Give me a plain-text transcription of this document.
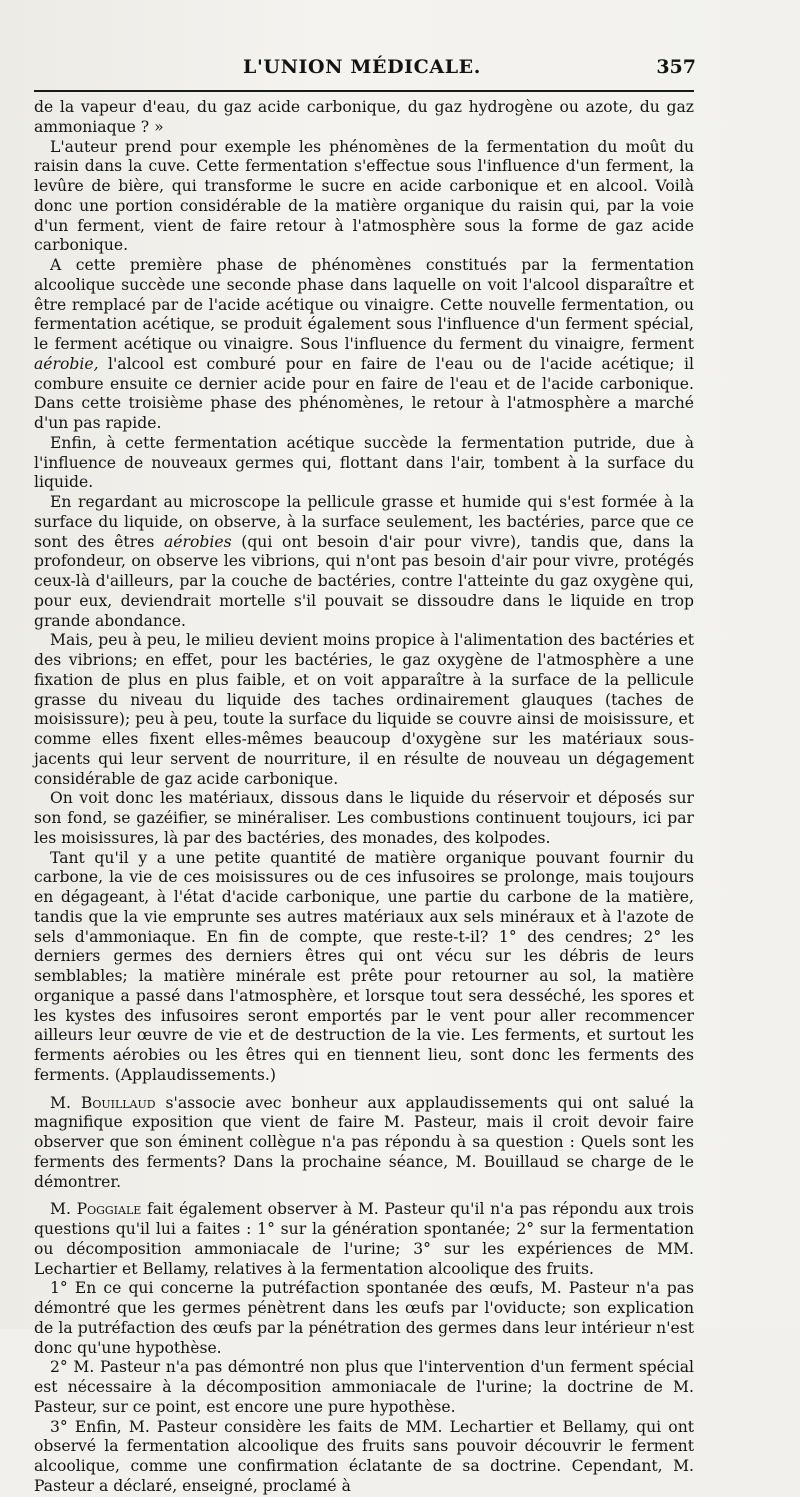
L'UNION MÉDICALE.	357

de la vapeur d'eau, du gaz acide carbonique, du gaz hydrogène ou azote, du gaz ammoniaque ? »

L'auteur prend pour exemple les phénomènes de la fermentation du moût du raisin dans la cuve. Cette fermentation s'effectue sous l'influence d'un ferment, la levûre de bière, qui transforme le sucre en acide carbonique et en alcool. Voilà donc une portion considérable de la matière organique du raisin qui, par la voie d'un ferment, vient de faire retour à l'atmosphère sous la forme de gaz acide carbonique.

A cette première phase de phénomènes constitués par la fermentation alcoolique succède une seconde phase dans laquelle on voit l'alcool disparaître et être remplacé par de l'acide acétique ou vinaigre. Cette nouvelle fermentation, ou fermentation acétique, se produit également sous l'influence d'un ferment spécial, le ferment acétique ou vinaigre. Sous l'influence du ferment du vinaigre, ferment aérobie, l'alcool est comburé pour en faire de l'eau ou de l'acide acétique; il combure ensuite ce dernier acide pour en faire de l'eau et de l'acide carbonique. Dans cette troisième phase des phénomènes, le retour à l'atmosphère a marché d'un pas rapide.

Enfin, à cette fermentation acétique succède la fermentation putride, due à l'influence de nouveaux germes qui, flottant dans l'air, tombent à la surface du liquide.

En regardant au microscope la pellicule grasse et humide qui s'est formée à la surface du liquide, on observe, à la surface seulement, les bactéries, parce que ce sont des êtres aérobies (qui ont besoin d'air pour vivre), tandis que, dans la profondeur, on observe les vibrions, qui n'ont pas besoin d'air pour vivre, protégés ceux-là d'ailleurs, par la couche de bactéries, contre l'atteinte du gaz oxygène qui, pour eux, deviendrait mortelle s'il pouvait se dissoudre dans le liquide en trop grande abondance.

Mais, peu à peu, le milieu devient moins propice à l'alimentation des bactéries et des vibrions; en effet, pour les bactéries, le gaz oxygène de l'atmosphère a une fixation de plus en plus faible, et on voit apparaître à la surface de la pellicule grasse du niveau du liquide des taches ordinairement glauques (taches de moisissure); peu à peu, toute la surface du liquide se couvre ainsi de moisissure, et comme elles fixent elles-mêmes beaucoup d'oxygène sur les matériaux sous-jacents qui leur servent de nourriture, il en résulte de nouveau un dégagement considérable de gaz acide carbonique.

On voit donc les matériaux, dissous dans le liquide du réservoir et déposés sur son fond, se gazéifier, se minéraliser. Les combustions continuent toujours, ici par les moisissures, là par des bactéries, des monades, des kolpodes.

Tant qu'il y a une petite quantité de matière organique pouvant fournir du carbone, la vie de ces moisissures ou de ces infusoires se prolonge, mais toujours en dégageant, à l'état d'acide carbonique, une partie du carbone de la matière, tandis que la vie emprunte ses autres matériaux aux sels minéraux et à l'azote de sels d'ammoniaque. En fin de compte, que reste-t-il? 1° des cendres; 2° les derniers germes des derniers êtres qui ont vécu sur les débris de leurs semblables; la matière minérale est prête pour retourner au sol, la matière organique a passé dans l'atmosphère, et lorsque tout sera desséché, les spores et les kystes des infusoires seront emportés par le vent pour aller recommencer ailleurs leur œuvre de vie et de destruction de la vie. Les ferments, et surtout les ferments aérobies ou les êtres qui en tiennent lieu, sont donc les ferments des ferments. (Applaudissements.)

M. Bouillaud s'associe avec bonheur aux applaudissements qui ont salué la magnifique exposition que vient de faire M. Pasteur, mais il croit devoir faire observer que son éminent collègue n'a pas répondu à sa question : Quels sont les ferments des ferments? Dans la prochaine séance, M. Bouillaud se charge de le démontrer.

M. Poggiale fait également observer à M. Pasteur qu'il n'a pas répondu aux trois questions qu'il lui a faites : 1° sur la génération spontanée; 2° sur la fermentation ou décomposition ammoniacale de l'urine; 3° sur les expériences de MM. Lechartier et Bellamy, relatives à la fermentation alcoolique des fruits.

1° En ce qui concerne la putréfaction spontanée des œufs, M. Pasteur n'a pas démontré que les germes pénètrent dans les œufs par l'oviducte; son explication de la putréfaction des œufs par la pénétration des germes dans leur intérieur n'est donc qu'une hypothèse.

2° M. Pasteur n'a pas démontré non plus que l'intervention d'un ferment spécial est nécessaire à la décomposition ammoniacale de l'urine; la doctrine de M. Pasteur, sur ce point, est encore une pure hypothèse.

3° Enfin, M. Pasteur considère les faits de MM. Lechartier et Bellamy, qui ont observé la fermentation alcoolique des fruits sans pouvoir découvrir le ferment alcoolique, comme une confirmation éclatante de sa doctrine. Cependant, M. Pasteur a déclaré, enseigné, proclamé à
